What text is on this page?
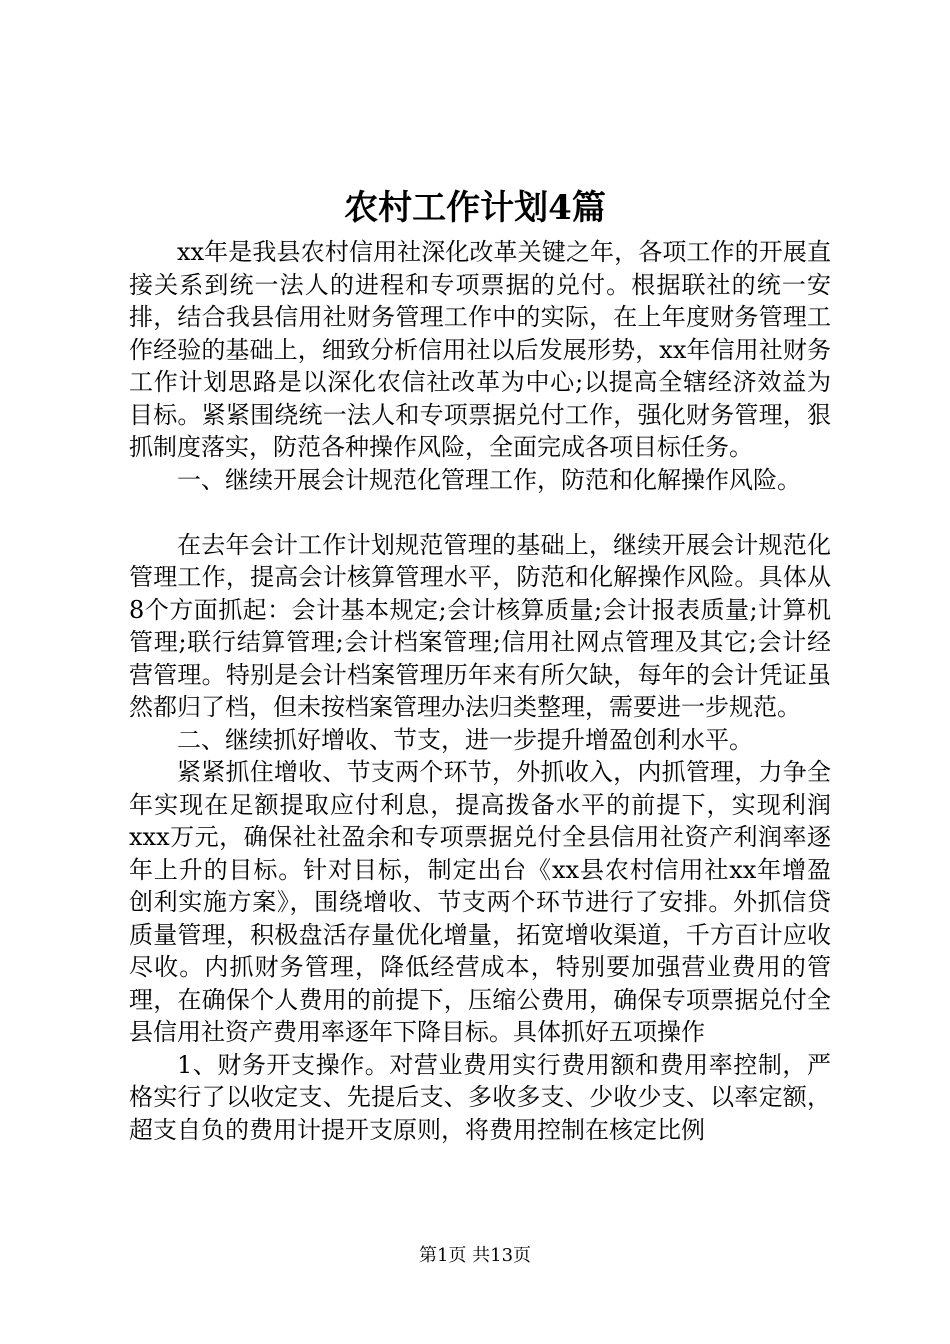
农村工作计划4篇

xx年是我县农村信用社深化改革关键之年，各项工作的开展直接关系到统一法人的进程和专项票据的兑付。根据联社的统一安排，结合我县信用社财务管理工作中的实际，在上年度财务管理工作经验的基础上，细致分析信用社以后发展形势，xx年信用社财务工作计划思路是以深化农信社改革为中心;以提高全辖经济效益为目标。紧紧围绕统一法人和专项票据兑付工作，强化财务管理，狠抓制度落实，防范各种操作风险，全面完成各项目标任务。

一、继续开展会计规范化管理工作，防范和化解操作风险。

在去年会计工作计划规范管理的基础上，继续开展会计规范化管理工作，提高会计核算管理水平，防范和化解操作风险。具体从8个方面抓起：会计基本规定;会计核算质量;会计报表质量;计算机管理;联行结算管理;会计档案管理;信用社网点管理及其它;会计经营管理。特别是会计档案管理历年来有所欠缺，每年的会计凭证虽然都归了档，但未按档案管理办法归类整理，需要进一步规范。

二、继续抓好增收、节支，进一步提升增盈创利水平。

紧紧抓住增收、节支两个环节，外抓收入，内抓管理，力争全年实现在足额提取应付利息，提高拨备水平的前提下，实现利润xxx万元，确保社社盈余和专项票据兑付全县信用社资产利润率逐年上升的目标。针对目标，制定出台《xx县农村信用社xx年增盈创利实施方案》，围绕增收、节支两个环节进行了安排。外抓信贷质量管理，积极盘活存量优化增量，拓宽增收渠道，千方百计应收尽收。内抓财务管理，降低经营成本，特别要加强营业费用的管理，在确保个人费用的前提下，压缩公费用，确保专项票据兑付全县信用社资产费用率逐年下降目标。具体抓好五项操作

1、财务开支操作。对营业费用实行费用额和费用率控制，严格实行了以收定支、先提后支、多收多支、少收少支、以率定额，超支自负的费用计提开支原则，将费用控制在核定比例

第1页 共13页
